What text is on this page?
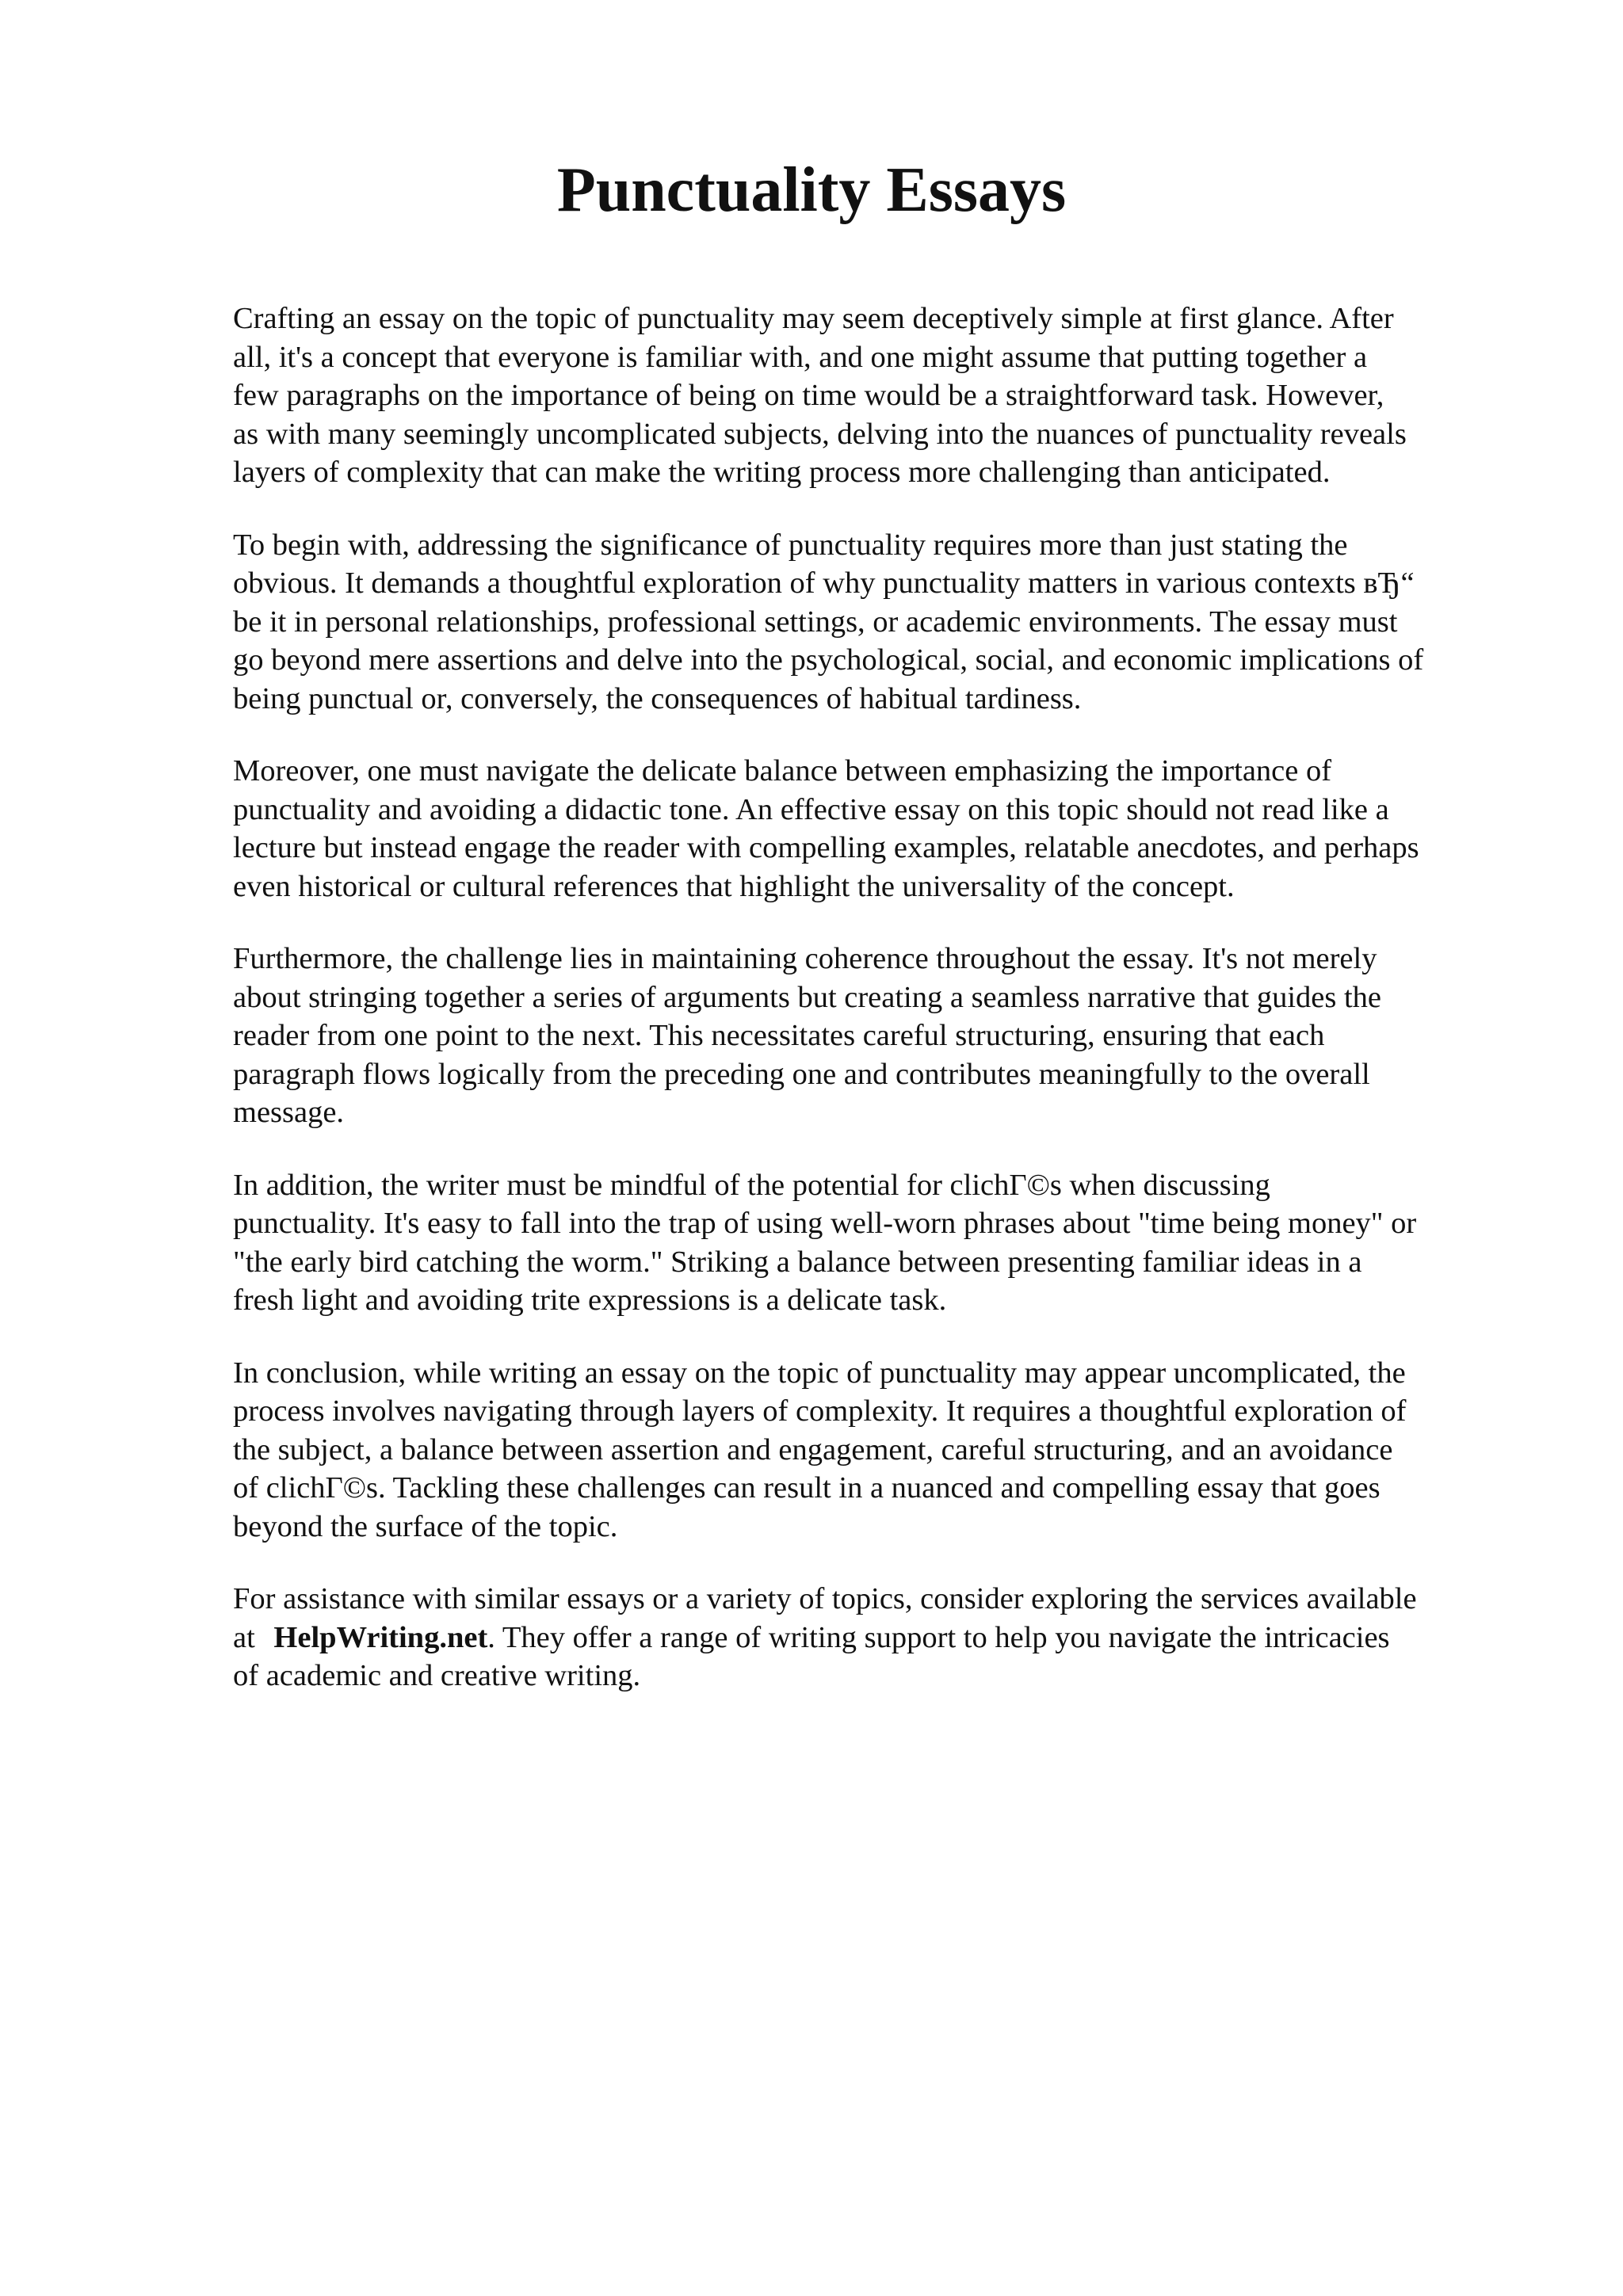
Punctuality Essays

Crafting an essay on the topic of punctuality may seem deceptively simple at first glance. After
all, it's a concept that everyone is familiar with, and one might assume that putting together a
few paragraphs on the importance of being on time would be a straightforward task. However,
as with many seemingly uncomplicated subjects, delving into the nuances of punctuality reveals
layers of complexity that can make the writing process more challenging than anticipated.

To begin with, addressing the significance of punctuality requires more than just stating the
obvious. It demands a thoughtful exploration of why punctuality matters in various contexts вЂ“
be it in personal relationships, professional settings, or academic environments. The essay must
go beyond mere assertions and delve into the psychological, social, and economic implications of
being punctual or, conversely, the consequences of habitual tardiness.

Moreover, one must navigate the delicate balance between emphasizing the importance of
punctuality and avoiding a didactic tone. An effective essay on this topic should not read like a
lecture but instead engage the reader with compelling examples, relatable anecdotes, and perhaps
even historical or cultural references that highlight the universality of the concept.

Furthermore, the challenge lies in maintaining coherence throughout the essay. It's not merely
about stringing together a series of arguments but creating a seamless narrative that guides the
reader from one point to the next. This necessitates careful structuring, ensuring that each
paragraph flows logically from the preceding one and contributes meaningfully to the overall
message.

In addition, the writer must be mindful of the potential for clichГ©s when discussing
punctuality. It's easy to fall into the trap of using well-worn phrases about "time being money" or
"the early bird catching the worm." Striking a balance between presenting familiar ideas in a
fresh light and avoiding trite expressions is a delicate task.

In conclusion, while writing an essay on the topic of punctuality may appear uncomplicated, the
process involves navigating through layers of complexity. It requires a thoughtful exploration of
the subject, a balance between assertion and engagement, careful structuring, and an avoidance
of clichГ©s. Tackling these challenges can result in a nuanced and compelling essay that goes
beyond the surface of the topic.

For assistance with similar essays or a variety of topics, consider exploring the services available
at HelpWriting.net. They offer a range of writing support to help you navigate the intricacies
of academic and creative writing.
